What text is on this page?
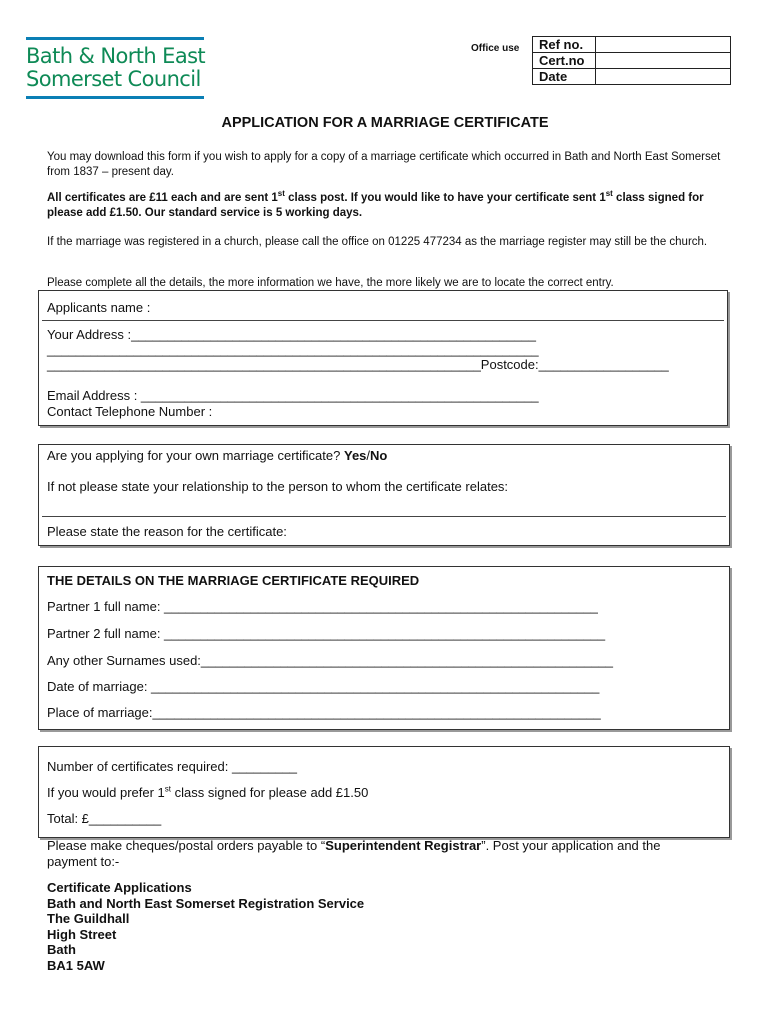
Bath & North East
Somerset Council
Office use Ref no.	
Cert.no	
Date	
APPLICATION FOR A MARRIAGE CERTIFICATE
You may download this form if you wish to apply for a copy of a marriage certificate which occurred in Bath and North East Somerset from 1837 – present day.
All certificates are £11 each and are sent 1st class post. If you would like to have your certificate sent 1st class signed for please add £1.50. Our standard service is 5 working days.
If the marriage was registered in a church, please call the office on 01225 477234 as the marriage register may still be the church.
Please complete all the details, the more information we have, the more likely we are to locate the correct entry.
Applicants name :
Your Address :________________________________________________________
____________________________________________________________________
____________________________________________________________Postcode:__________________
Email Address : _______________________________________________________
Contact Telephone Number :
Are you applying for your own marriage certificate? Yes/No
If not please state your relationship to the person to whom the certificate relates:
Please state the reason for the certificate:
THE DETAILS ON THE MARRIAGE CERTIFICATE REQUIRED
Partner 1 full name: ____________________________________________________________
Partner 2 full name: _____________________________________________________________
Any other Surnames used:_________________________________________________________
Date of marriage: ______________________________________________________________
Place of marriage:______________________________________________________________
Number of certificates required: _________
If you would prefer 1st class signed for please add £1.50
Total: £__________
Please make cheques/postal orders payable to “Superintendent Registrar”. Post your application and the
payment to:-
Certificate Applications
Bath and North East Somerset Registration Service
The Guildhall
High Street
Bath
BA1 5AW
